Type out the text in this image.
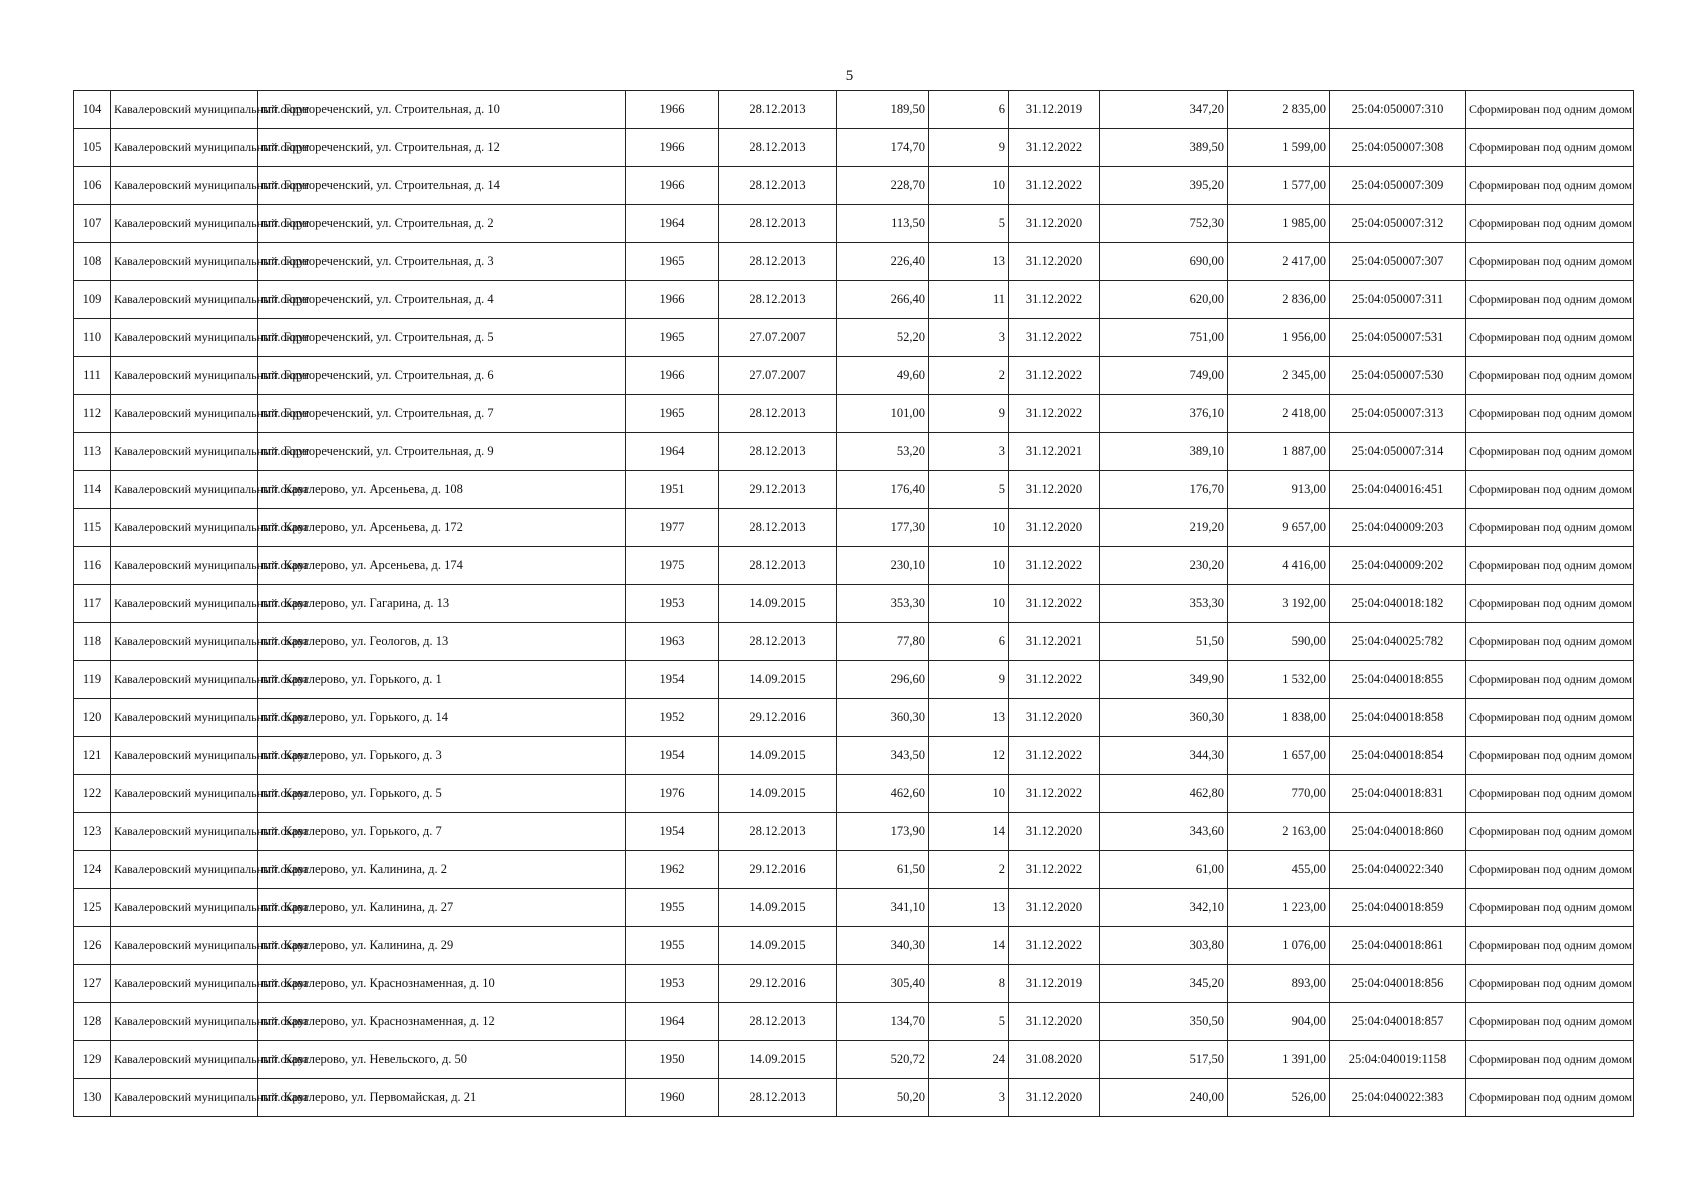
5
104	Кавалеровский муниципальный округ	пгт. Горнореченский, ул. Строительная, д. 10	1966	28.12.2013	189,50	6	31.12.2019	347,20	2 835,00	25:04:050007:310	Сформирован под одним домом
105	Кавалеровский муниципальный округ	пгт. Горнореченский, ул. Строительная, д. 12	1966	28.12.2013	174,70	9	31.12.2022	389,50	1 599,00	25:04:050007:308	Сформирован под одним домом
106	Кавалеровский муниципальный округ	пгт. Горнореченский, ул. Строительная, д. 14	1966	28.12.2013	228,70	10	31.12.2022	395,20	1 577,00	25:04:050007:309	Сформирован под одним домом
107	Кавалеровский муниципальный округ	пгт. Горнореченский, ул. Строительная, д. 2	1964	28.12.2013	113,50	5	31.12.2020	752,30	1 985,00	25:04:050007:312	Сформирован под одним домом
108	Кавалеровский муниципальный округ	пгт. Горнореченский, ул. Строительная, д. 3	1965	28.12.2013	226,40	13	31.12.2020	690,00	2 417,00	25:04:050007:307	Сформирован под одним домом
109	Кавалеровский муниципальный округ	пгт. Горнореченский, ул. Строительная, д. 4	1966	28.12.2013	266,40	11	31.12.2022	620,00	2 836,00	25:04:050007:311	Сформирован под одним домом
110	Кавалеровский муниципальный округ	пгт. Горнореченский, ул. Строительная, д. 5	1965	27.07.2007	52,20	3	31.12.2022	751,00	1 956,00	25:04:050007:531	Сформирован под одним домом
111	Кавалеровский муниципальный округ	пгт. Горнореченский, ул. Строительная, д. 6	1966	27.07.2007	49,60	2	31.12.2022	749,00	2 345,00	25:04:050007:530	Сформирован под одним домом
112	Кавалеровский муниципальный округ	пгт. Горнореченский, ул. Строительная, д. 7	1965	28.12.2013	101,00	9	31.12.2022	376,10	2 418,00	25:04:050007:313	Сформирован под одним домом
113	Кавалеровский муниципальный округ	пгт. Горнореченский, ул. Строительная, д. 9	1964	28.12.2013	53,20	3	31.12.2021	389,10	1 887,00	25:04:050007:314	Сформирован под одним домом
114	Кавалеровский муниципальный округ	пгт. Кавалерово, ул. Арсеньева, д. 108	1951	29.12.2013	176,40	5	31.12.2020	176,70	913,00	25:04:040016:451	Сформирован под одним домом
115	Кавалеровский муниципальный округ	пгт. Кавалерово, ул. Арсеньева, д. 172	1977	28.12.2013	177,30	10	31.12.2020	219,20	9 657,00	25:04:040009:203	Сформирован под одним домом
116	Кавалеровский муниципальный округ	пгт. Кавалерово, ул. Арсеньева, д. 174	1975	28.12.2013	230,10	10	31.12.2022	230,20	4 416,00	25:04:040009:202	Сформирован под одним домом
117	Кавалеровский муниципальный округ	пгт. Кавалерово, ул. Гагарина, д. 13	1953	14.09.2015	353,30	10	31.12.2022	353,30	3 192,00	25:04:040018:182	Сформирован под одним домом
118	Кавалеровский муниципальный округ	пгт. Кавалерово, ул. Геологов, д. 13	1963	28.12.2013	77,80	6	31.12.2021	51,50	590,00	25:04:040025:782	Сформирован под одним домом
119	Кавалеровский муниципальный округ	пгт. Кавалерово, ул. Горького, д. 1	1954	14.09.2015	296,60	9	31.12.2022	349,90	1 532,00	25:04:040018:855	Сформирован под одним домом
120	Кавалеровский муниципальный округ	пгт. Кавалерово, ул. Горького, д. 14	1952	29.12.2016	360,30	13	31.12.2020	360,30	1 838,00	25:04:040018:858	Сформирован под одним домом
121	Кавалеровский муниципальный округ	пгт. Кавалерово, ул. Горького, д. 3	1954	14.09.2015	343,50	12	31.12.2022	344,30	1 657,00	25:04:040018:854	Сформирован под одним домом
122	Кавалеровский муниципальный округ	пгт. Кавалерово, ул. Горького, д. 5	1976	14.09.2015	462,60	10	31.12.2022	462,80	770,00	25:04:040018:831	Сформирован под одним домом
123	Кавалеровский муниципальный округ	пгт. Кавалерово, ул. Горького, д. 7	1954	28.12.2013	173,90	14	31.12.2020	343,60	2 163,00	25:04:040018:860	Сформирован под одним домом
124	Кавалеровский муниципальный округ	пгт. Кавалерово, ул. Калинина, д. 2	1962	29.12.2016	61,50	2	31.12.2022	61,00	455,00	25:04:040022:340	Сформирован под одним домом
125	Кавалеровский муниципальный округ	пгт. Кавалерово, ул. Калинина, д. 27	1955	14.09.2015	341,10	13	31.12.2020	342,10	1 223,00	25:04:040018:859	Сформирован под одним домом
126	Кавалеровский муниципальный округ	пгт. Кавалерово, ул. Калинина, д. 29	1955	14.09.2015	340,30	14	31.12.2022	303,80	1 076,00	25:04:040018:861	Сформирован под одним домом
127	Кавалеровский муниципальный округ	пгт. Кавалерово, ул. Краснознаменная, д. 10	1953	29.12.2016	305,40	8	31.12.2019	345,20	893,00	25:04:040018:856	Сформирован под одним домом
128	Кавалеровский муниципальный округ	пгт. Кавалерово, ул. Краснознаменная, д. 12	1964	28.12.2013	134,70	5	31.12.2020	350,50	904,00	25:04:040018:857	Сформирован под одним домом
129	Кавалеровский муниципальный округ	пгт. Кавалерово, ул. Невельского, д. 50	1950	14.09.2015	520,72	24	31.08.2020	517,50	1 391,00	25:04:040019:1158	Сформирован под одним домом
130	Кавалеровский муниципальный округ	пгт. Кавалерово, ул. Первомайская, д. 21	1960	28.12.2013	50,20	3	31.12.2020	240,00	526,00	25:04:040022:383	Сформирован под одним домом
